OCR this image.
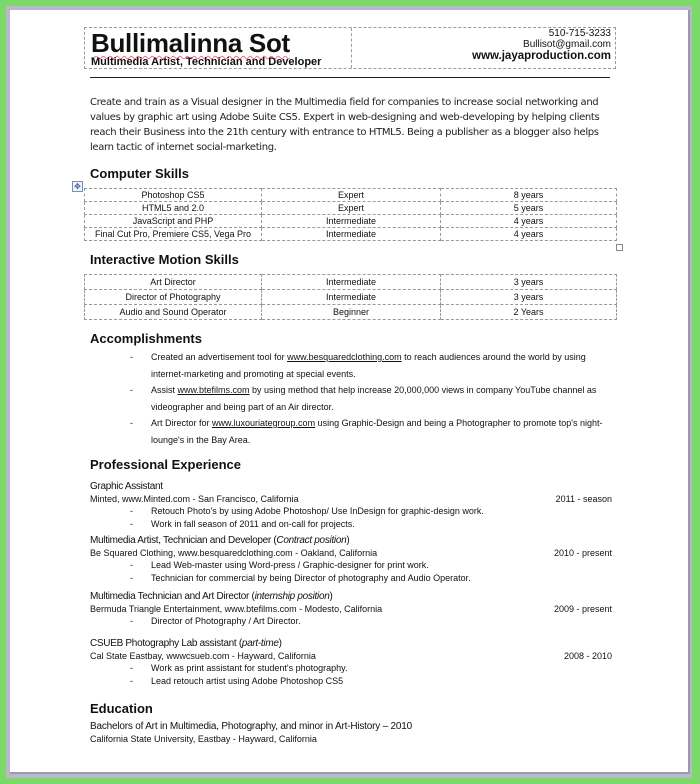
Bullimalinna Sot
Multimedia Artist, Technician and Developer
510-715-3233
Bullisot@gmail.com
www.jayaproduction.com
Create and train as a Visual designer in the Multimedia field for companies to increase social networking and values by graphic art using Adobe Suite CS5. Expert in web-designing and web-developing by helping clients reach their Business into the 21th century with entrance to HTML5. Being a publisher as a blogger also helps learn tactic of internet social-marketing.
Computer Skills
✥
Photoshop CS5	Expert	8 years
HTML5 and 2.0	Expert	5 years
JavaScript and PHP	Intermediate	4 years
Final Cut Pro, Premiere CS5, Vega Pro	Intermediate	4 years
Interactive Motion Skills
Art Director	Intermediate	3 years
Director of Photography	Intermediate	3 years
Audio and Sound Operator	Beginner	2 Years
Accomplishments
- Created an advertisement tool for www.besquaredclothing.com to reach audiences around the world by using internet-marketing and promoting at special events.
- Assist www.btefilms.com by using method that help increase 20,000,000 views in company YouTube channel as videographer and being part of an Air director.
- Art Director for www.luxouriategroup.com using Graphic-Design and being a Photographer to promote top's night-lounge's in the Bay Area.
Professional Experience
Graphic Assistant
Minted, www.Minted.com - San Francisco, California	2011 - season
- Retouch Photo's by using Adobe Photoshop/ Use InDesign for graphic-design work.
- Work in fall season of 2011 and on-call for projects.
Multimedia Artist, Technician and Developer (Contract position)
Be Squared Clothing, www.besquaredclothing.com - Oakland, California	2010 - present
- Lead Web-master using Word-press / Graphic-designer for print work.
- Technician for commercial by being Director of photography and Audio Operator.
Multimedia Technician and Art Director (internship position)
Bermuda Triangle Entertainment, www.btefilms.com - Modesto, California	2009 - present
- Director of Photography / Art Director.
CSUEB Photography Lab assistant (part-time)
Cal State Eastbay, wwwcsueb.com - Hayward, California	2008 - 2010
- Work as print assistant for student's photography.
- Lead retouch artist using Adobe Photoshop CS5
Education
Bachelors of Art in Multimedia, Photography, and minor in Art-History – 2010
California State University, Eastbay - Hayward, California
